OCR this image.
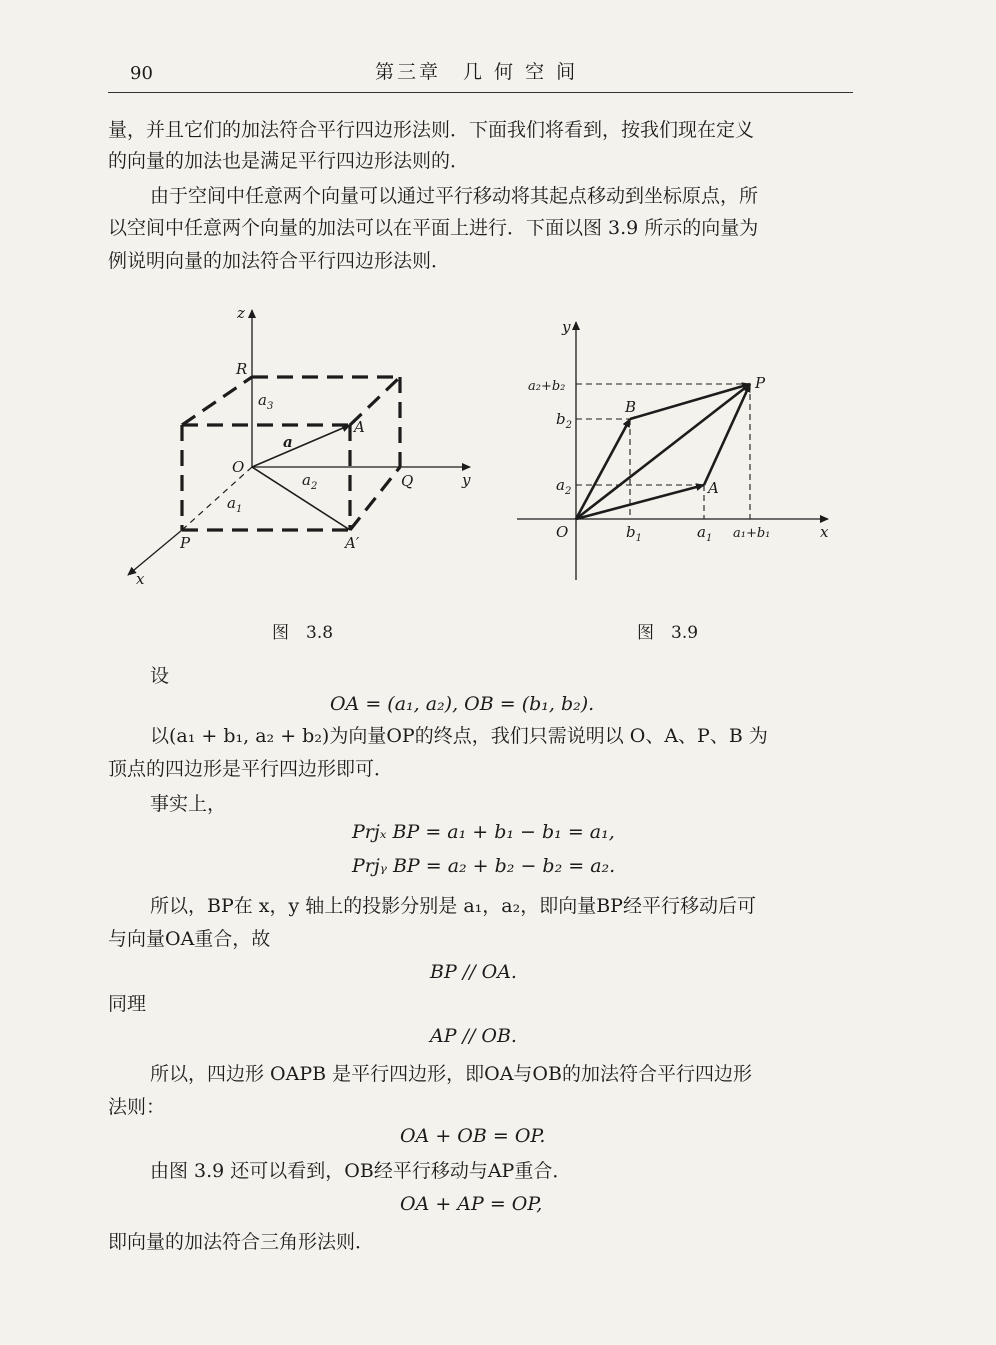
90	第三章　几 何 空 间
量，并且它们的加法符合平行四边形法则．下面我们将看到，按我们现在定义
的向量的加法也是满足平行四边形法则的．
由于空间中任意两个向量可以通过平行移动将其起点移动到坐标原点，所
以空间中任意两个向量的加法可以在平面上进行．下面以图 3.9 所示的向量为
例说明向量的加法符合平行四边形法则．
z
R
$a_3$
a
A
O
$a_2$	Q	y
$a_1$
P	A′
x
图　3.8
y
a₂+b₂
$b_2$
$a_2$
B
P
A
O	$b_1$	$a_1$ a₁+b₁	x
图　3.9
设
OA = (a₁, a₂), OB = (b₁, b₂).
以(a₁ + b₁, a₂ + b₂)为向量OP的终点，我们只需说明以 O、A、P、B 为
顶点的四边形是平行四边形即可．
事实上，
Prjₓ BP = a₁ + b₁ − b₁ = a₁,
Prjᵧ BP = a₂ + b₂ − b₂ = a₂.
所以，BP在 x，y 轴上的投影分别是 a₁，a₂，即向量BP经平行移动后可
与向量OA重合，故
BP // OA.
同理
AP // OB.
所以，四边形 OAPB 是平行四边形，即OA与OB的加法符合平行四边形
法则：
OA + OB = OP.
由图 3.9 还可以看到，OB经平行移动与AP重合．
OA + AP = OP,
即向量的加法符合三角形法则．
